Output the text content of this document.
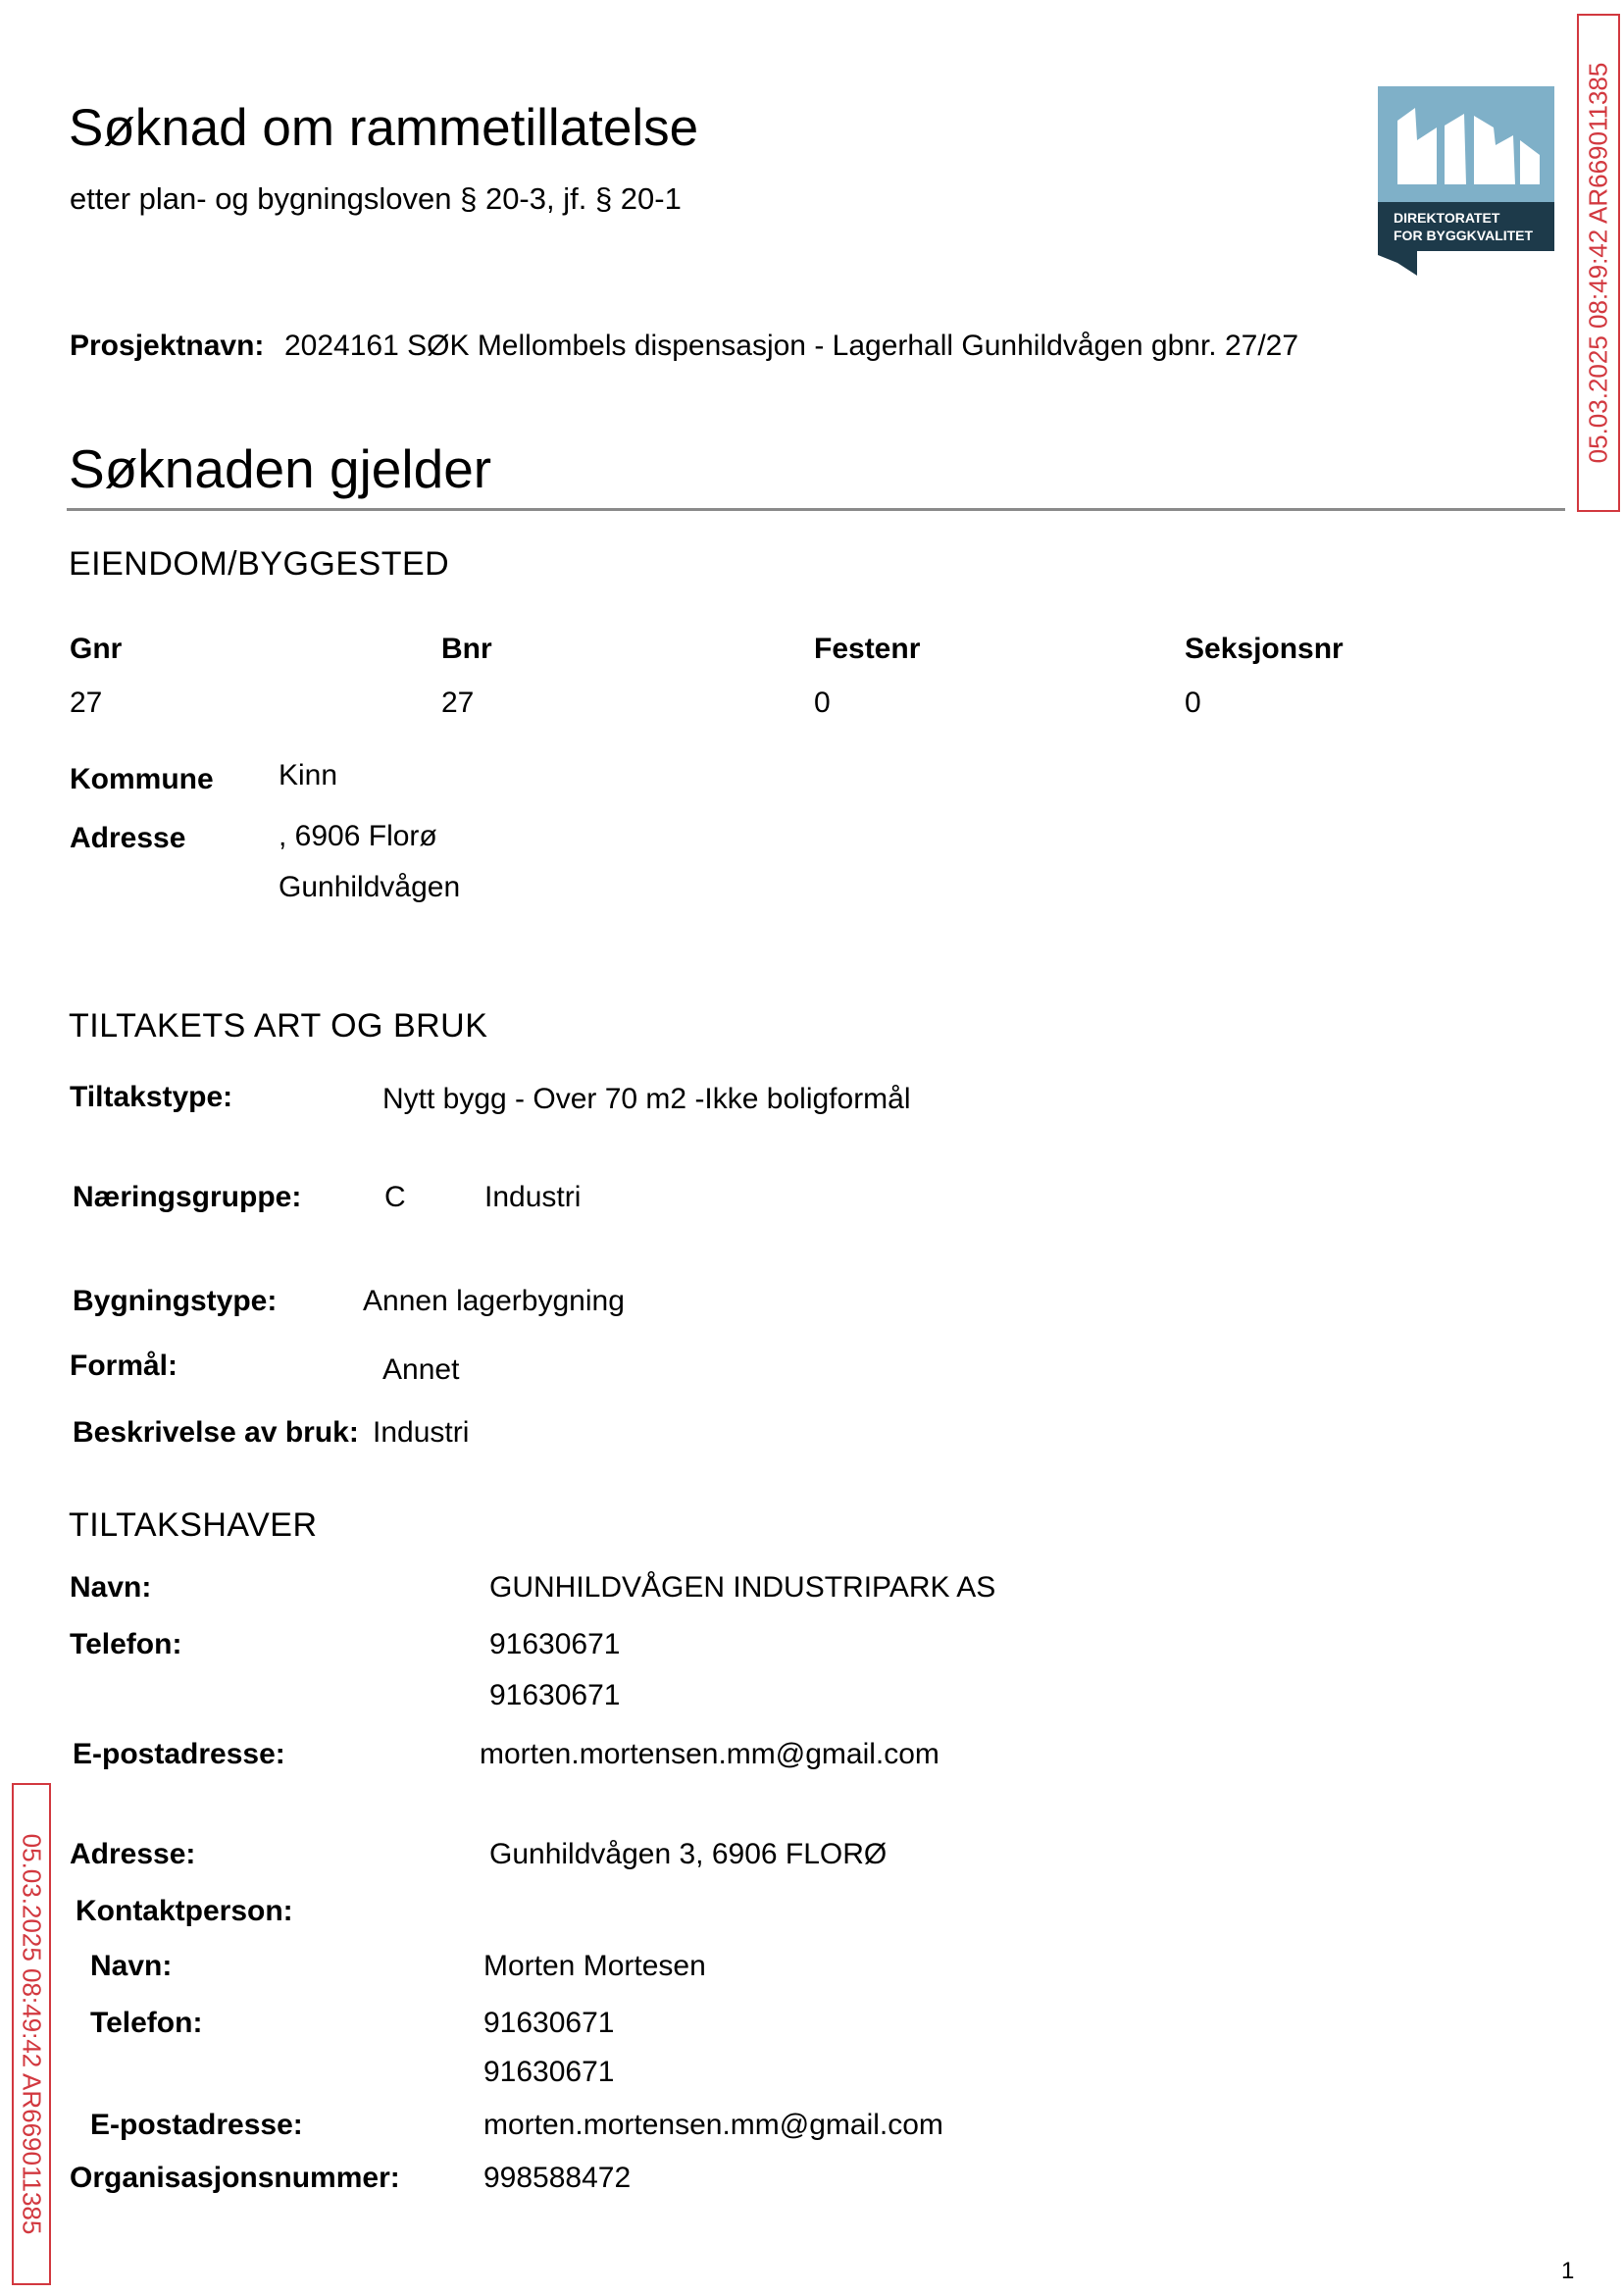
Søknad om rammetillatelse
etter plan- og bygningsloven § 20-3, jf. § 20-1
DIREKTORATET
FOR BYGGKVALITET 05.03.2025 08:49:42 AR669011385
05.03.2025 08:49:42 AR669011385
Prosjektnavn: 2024161 SØK Mellombels dispensasjon - Lagerhall Gunhildvågen gbnr. 27/27
Søknaden gjelder
EIENDOM/BYGGESTED
Gnr	Bnr	Festenr	Seksjonsnr
27	27	0	0
Kommune Kinn
Adresse	, 6906 Florø
Gunhildvågen
TILTAKETS ART OG BRUK
Tiltakstype:	Nytt bygg - Over 70 m2 -Ikke boligformål
Næringsgruppe:	C	Industri
Bygningstype:	Annen lagerbygning
Formål:	Annet
Beskrivelse av bruk: Industri
TILTAKSHAVER
Navn:	GUNHILDVÅGEN INDUSTRIPARK AS
Telefon:	91630671
91630671
E-postadresse:	morten.mortensen.mm@gmail.com
Adresse:	Gunhildvågen 3, 6906 FLORØ
Kontaktperson:
Navn:	Morten Mortesen
Telefon:	91630671
91630671
E-postadresse:	morten.mortensen.mm@gmail.com
Organisasjonsnummer:	998588472
1
